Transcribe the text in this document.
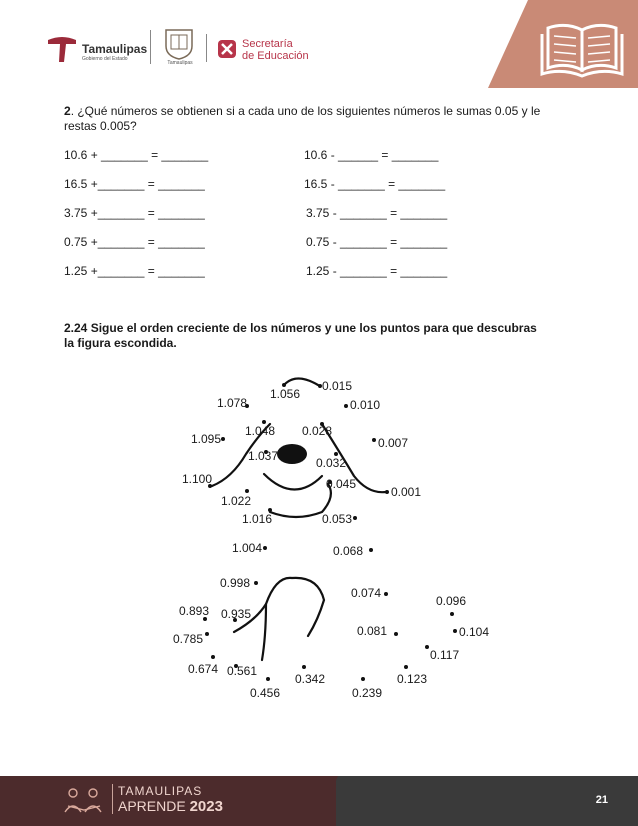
Tamaulipas
Gobierno del Estado
Tamaulipas
Secretaría
de Educación
2. ¿Qué números se obtienen si a cada uno de los siguientes números le sumas 0.05 y le restas 0.005?
10.6 + _______ = _______
16.5 +_______ = _______
3.75 +_______ = _______
0.75 +_______ = _______
1.25 +_______ = _______
10.6 - ______ = _______
16.5 - _______ = _______
3.75 - _______ = _______
0.75 - _______ = _______
1.25 - _______ = _______
2.24 Sigue el orden creciente de los números y une los puntos para que descubras la figura escondida.
0.001
0.007
0.010
0.015
0.028
0.032
0.045
0.053
0.068
0.074
0.081
0.096
0.104
0.117
0.123
0.239
0.342
0.456
0.561
0.674
0.785
0.893 0.935
0.998
1.004
1.016
1.022
1.037
1.048
1.056
1.078
1.095
1.100
TAMAULIPAS
APRENDE 2023	21
